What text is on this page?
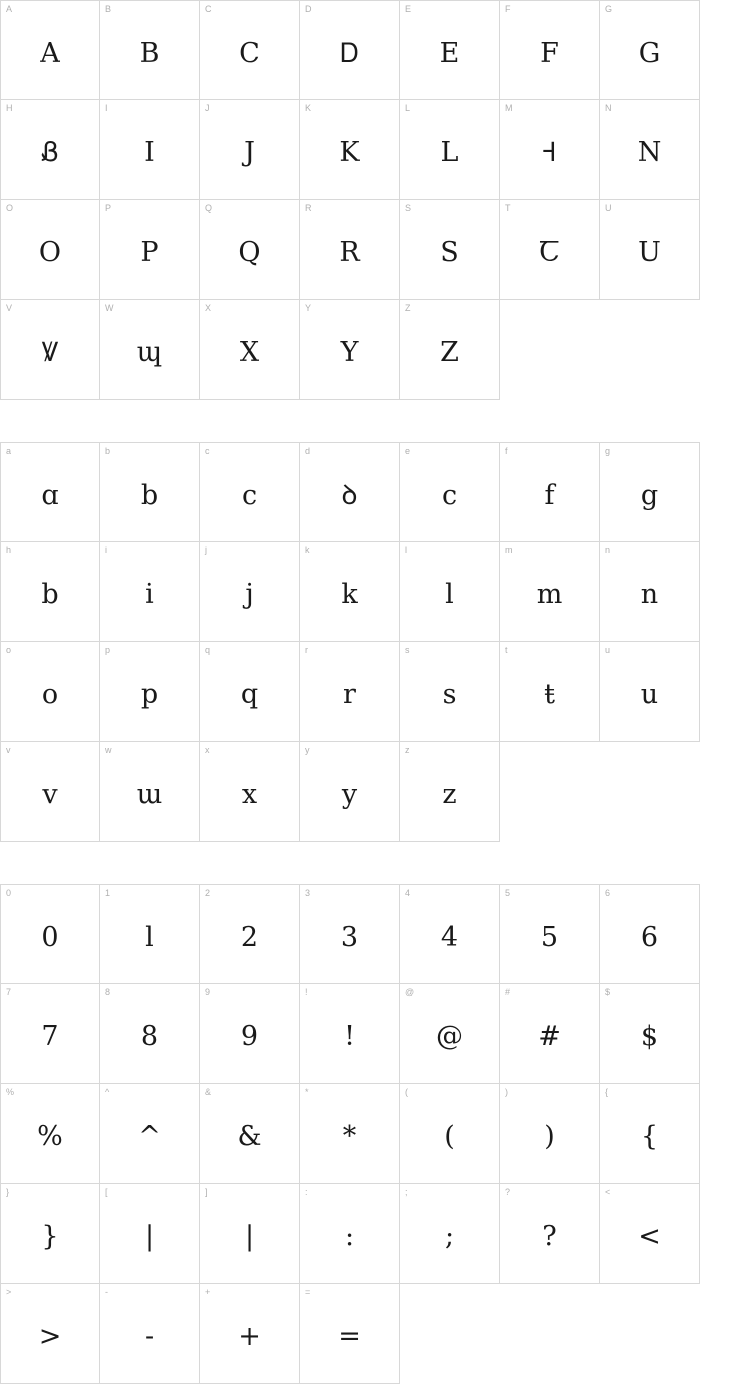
A
A
B
B
C
C
D
Ꭰ
E
E
F
F
G
G
H
Ᏸ
I
I
J
J
K
K
L
L
M
Ꟶ
N
N
O
O
P
P
Q
Q
R
R
S
S
T
Ꞇ
U
U
V
Ꝟ
W
ɰ
X
X
Y
Y
Z
Z
a
ɑ
b
b
c
c
d
ꝺ
e
c
f
f
g
g
h
b
i
i
j
j
k
k
l
l
m
m
n
n
o
o
p
p
q
q
r
r
s
s
t
ŧ
u
u
v
v
w
ɯ
x
x
y
y
z
z
0
0
1
l
2
2
3
3
4
4
5
5
6
6
7
7
8
8
9
9
!
!
@
@
#
#
$
$
%
%
^
^
&
&
*
*
(
(
)
)
{
{
}
}
[
|
]
|
:
:
;
;
?
?
<
<
>
>
-
-
+
+
=
=
